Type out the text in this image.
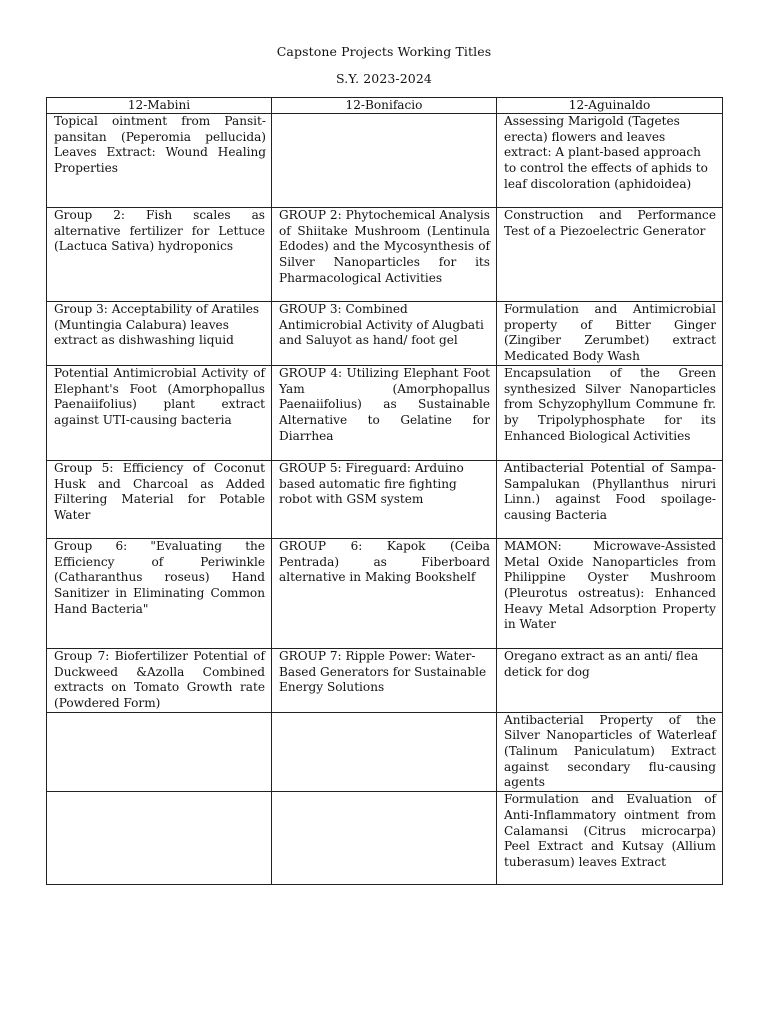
Capstone Projects Working Titles
S.Y. 2023-2024
12-Mabini	12-Bonifacio	12-Aguinaldo
Topical ointment from Pansit-pansitan (Peperomia pellucida) Leaves Extract: Wound Healing Properties		Assessing Marigold (Tagetes erecta) flowers and leaves extract: A plant-based approach to control the effects of aphids to leaf discoloration (aphidoidea)
Group 2: Fish scales as alternative fertilizer for Lettuce (Lactuca Sativa) hydroponics	GROUP 2: Phytochemical Analysis of Shiitake Mushroom (Lentinula Edodes) and the Mycosynthesis of Silver Nanoparticles for its Pharmacological Activities	Construction and Performance Test of a Piezoelectric Generator
Group 3: Acceptability of Aratiles (Muntingia Calabura) leaves extract as dishwashing liquid	GROUP 3: Combined Antimicrobial Activity of Alugbati and Saluyot as hand/ foot gel	Formulation and Antimicrobial property of Bitter Ginger (Zingiber Zerumbet) extract Medicated Body Wash
Potential Antimicrobial Activity of Elephant's Foot (Amorphopallus Paenaiifolius) plant extract against UTI-causing bacteria	GROUP 4: Utilizing Elephant Foot Yam (Amorphopallus Paenaiifolius) as Sustainable Alternative to Gelatine for Diarrhea	Encapsulation of the Green synthesized Silver Nanoparticles from Schyzophyllum Commune fr. by Tripolyphosphate for its Enhanced Biological Activities
Group 5: Efficiency of Coconut Husk and Charcoal as Added Filtering Material for Potable Water	GROUP 5: Fireguard: Arduino based automatic fire fighting robot with GSM system	Antibacterial Potential of Sampa-Sampalukan (Phyllanthus niruri Linn.) against Food spoilage-causing Bacteria
Group 6: "Evaluating the Efficiency of Periwinkle (Catharanthus roseus) Hand Sanitizer in Eliminating Common Hand Bacteria"	GROUP 6: Kapok (Ceiba Pentrada) as Fiberboard alternative in Making Bookshelf	MAMON: Microwave-Assisted Metal Oxide Nanoparticles from Philippine Oyster Mushroom (Pleurotus ostreatus): Enhanced Heavy Metal Adsorption Property in Water
Group 7: Biofertilizer Potential of Duckweed &Azolla Combined extracts on Tomato Growth rate (Powdered Form)	GROUP 7: Ripple Power: Water-Based Generators for Sustainable Energy Solutions	Oregano extract as an anti/ flea detick for dog
		Antibacterial Property of the Silver Nanoparticles of Waterleaf (Talinum Paniculatum) Extract against secondary flu-causing agents
		Formulation and Evaluation of Anti-Inflammatory ointment from Calamansi (Citrus microcarpa) Peel Extract and Kutsay (Allium tuberasum) leaves Extract
